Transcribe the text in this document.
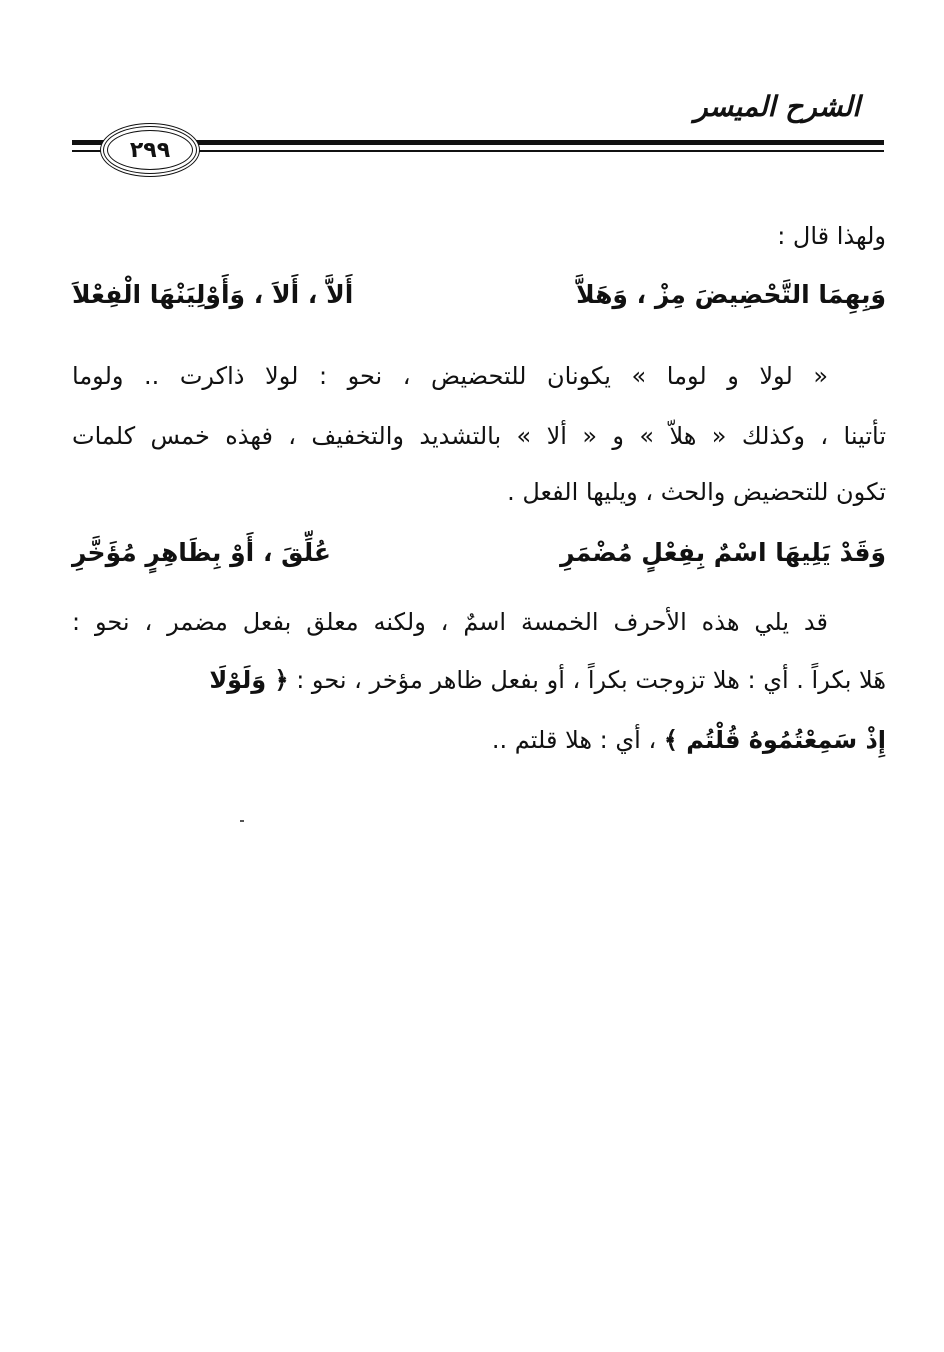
الشرح الميسر
٢٩٩
ولهذا قال :
وَبِهِمَا التَّحْضِيضَ مِزْ ، وَهَلاَّ
أَلاَّ ، أَلاَ ، وَأَوْلِيَنْهَا الْفِعْلاَ
« لولا و لوما » يكونان للتحضيض ، نحو : لولا ذاكرت .. ولوما
تأتينا ، وكذلك « هلاّ » و « ألا » بالتشديد والتخفيف ، فهذه خمس كلمات
تكون للتحضيض والحث ، ويليها الفعل .
وَقَدْ يَلِيهَا اسْمٌ بِفِعْلٍ مُضْمَرِ
عُلِّقَ ، أَوْ بِظَاهِرٍ مُؤَخَّرِ
قد يلي هذه الأحرف الخمسة اسمٌ ، ولكنه معلق بفعل مضمر ، نحو :
هَلا بكراً . أي : هلا تزوجت بكراً ، أو بفعل ظاهر مؤخر ، نحو : ﴿ وَلَوْلَا
إِذْ سَمِعْتُمُوهُ قُلْتُم ﴾ ، أي : هلا قلتم ..
